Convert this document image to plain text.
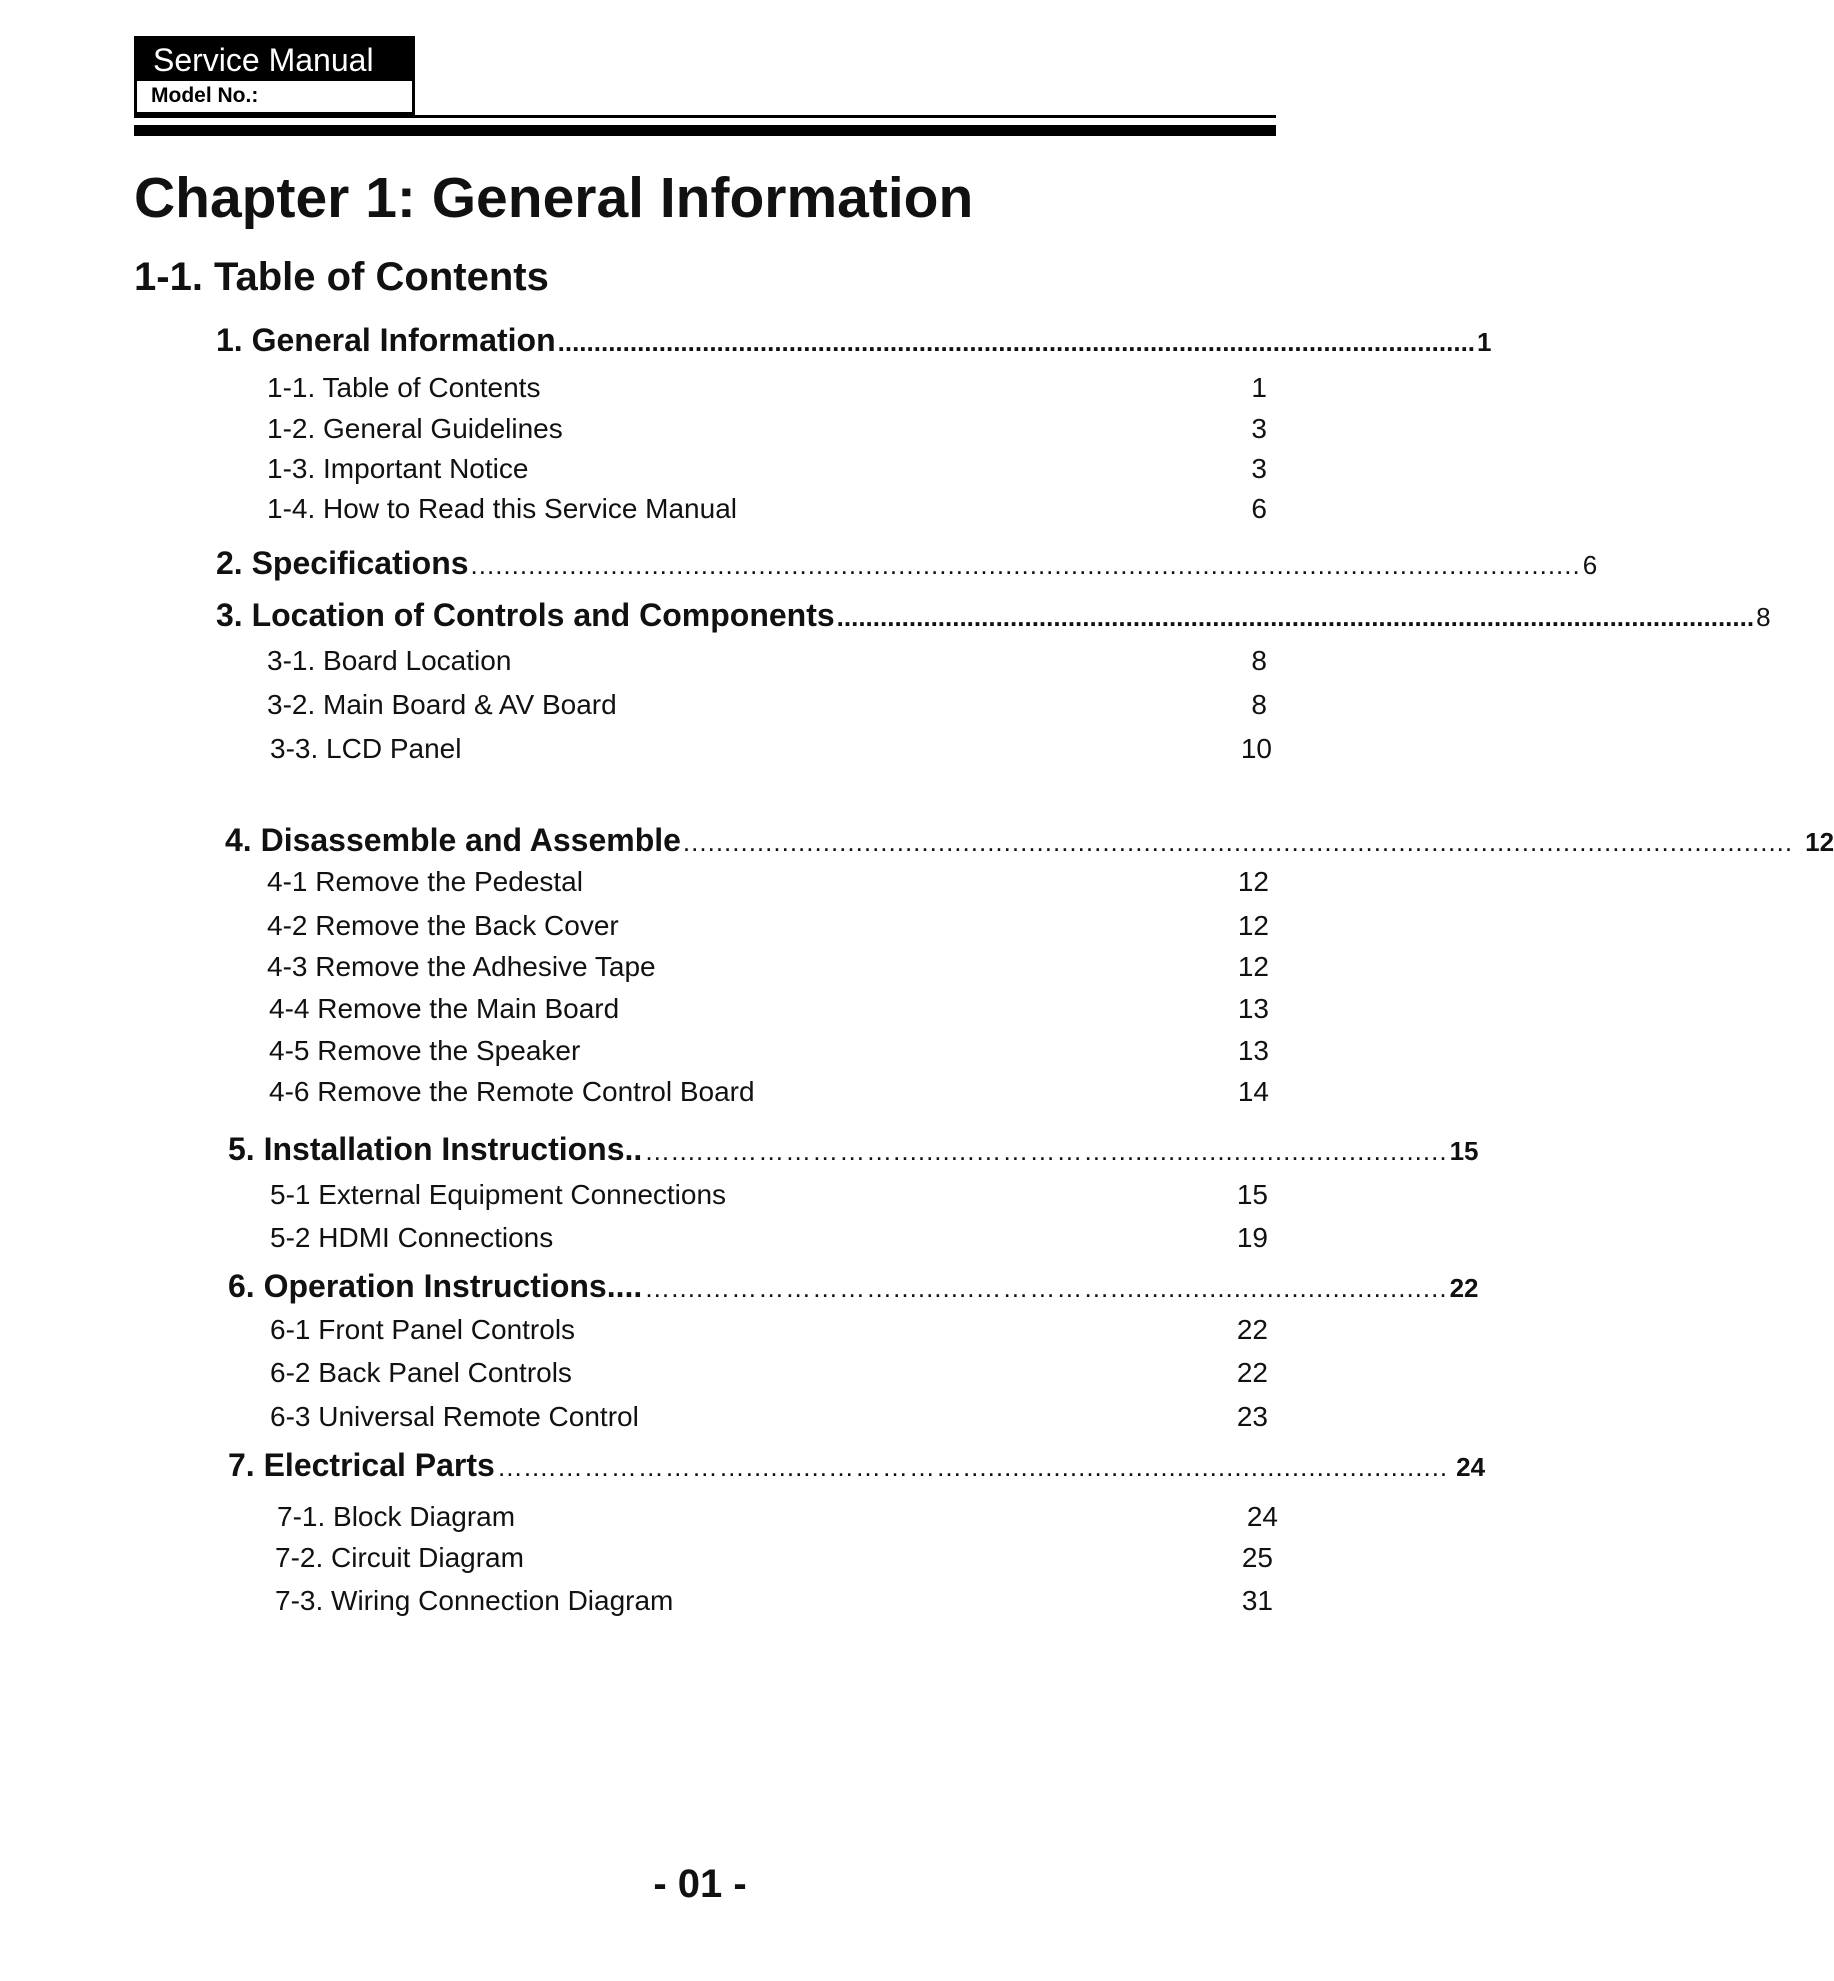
Service Manual
Model No.:
Chapter 1: General Information
1-1. Table of Contents
1. General Information ............................................................................................................................... 1
1-1. Table of Contents	1
1-2. General Guidelines	3
1-3. Important Notice	3
1-4. How to Read this Service Manual	6
2. Specifications ....................................................................................................................................... 6
3. Location of Controls and Components ............................................................................................................................... 8
3-1. Board Location	8
3-2. Main Board & AV Board	8
3-3. LCD Panel	10
4. Disassemble and Assemble ....................................................................................................................................... 12
4-1 Remove the Pedestal	12
4-2 Remove the Back Cover	12
4-3 Remove the Adhesive Tape	12
4-4 Remove the Main Board	13
4-5 Remove the Speaker	13
4-6 Remove the Remote Control Board	14
5. Installation Instructions.. …....…………………..........……………......................................... 15
5-1 External Equipment Connections	15
5-2 HDMI Connections	19
6. Operation Instructions.... …....…………………..........……………......................................... 22
6-1 Front Panel Controls	22
6-2 Back Panel Controls	22
6-3 Universal Remote Control	23
7. Electrical Parts …....…………………..........……………........................................................... 24
7-1. Block Diagram	24
7-2. Circuit Diagram	25
7-3. Wiring Connection Diagram	31
- 01 -
